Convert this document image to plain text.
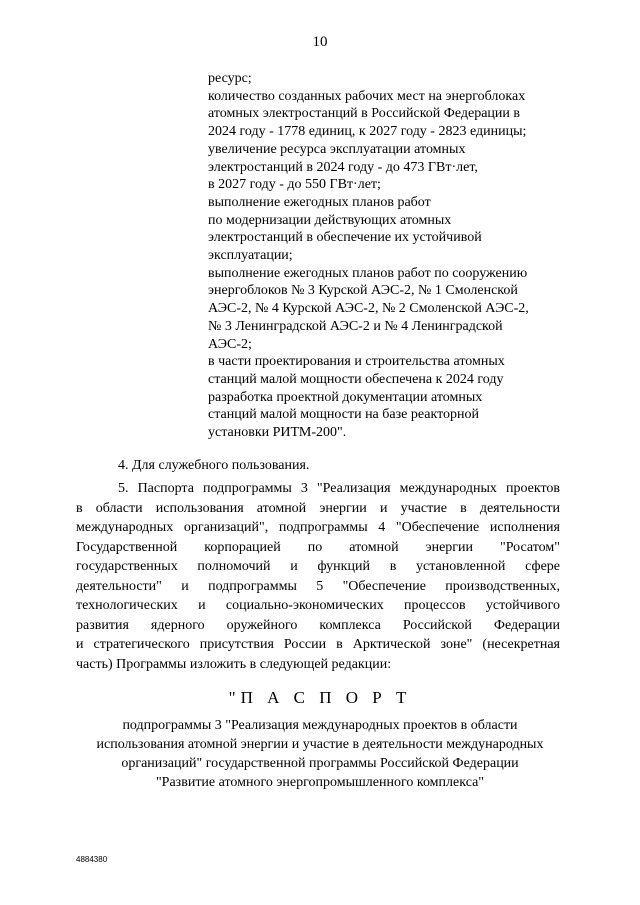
10
ресурс;
количество созданных рабочих мест на энергоблоках
атомных электростанций в Российской Федерации в
2024 году - 1778 единиц, к 2027 году - 2823 единицы;
увеличение ресурса эксплуатации атомных
электростанций в 2024 году - до 473 ГВт·лет,
в 2027 году - до 550 ГВт·лет;
выполнение ежегодных планов работ
по модернизации действующих атомных
электростанций в обеспечение их устойчивой
эксплуатации;
выполнение ежегодных планов работ по сооружению
энергоблоков № 3 Курской АЭС-2, № 1 Смоленской
АЭС-2, № 4 Курской АЭС-2, № 2 Смоленской АЭС-2,
№ 3 Ленинградской АЭС-2 и № 4 Ленинградской
АЭС-2;
в части проектирования и строительства атомных
станций малой мощности обеспечена к 2024 году
разработка проектной документации атомных
станций малой мощности на базе реакторной
установки РИТМ-200".
4. Для служебного пользования.
5. Паспорта подпрограммы 3 "Реализация международных проектов
в области использования атомной энергии и участие в деятельности
международных организаций", подпрограммы 4 "Обеспечение исполнения
Государственной корпорацией по атомной энергии "Росатом"
государственных полномочий и функций в установленной сфере
деятельности" и подпрограммы 5 "Обеспечение производственных,
технологических и социально-экономических процессов устойчивого
развития ядерного оружейного комплекса Российской Федерации
и стратегического присутствия России в Арктической зоне" (несекретная
часть) Программы изложить в следующей редакции:
"П А С П О Р Т
подпрограммы 3 "Реализация международных проектов в области
использования атомной энергии и участие в деятельности международных
организаций" государственной программы Российской Федерации
"Развитие атомного энергопромышленного комплекса"
4884380
